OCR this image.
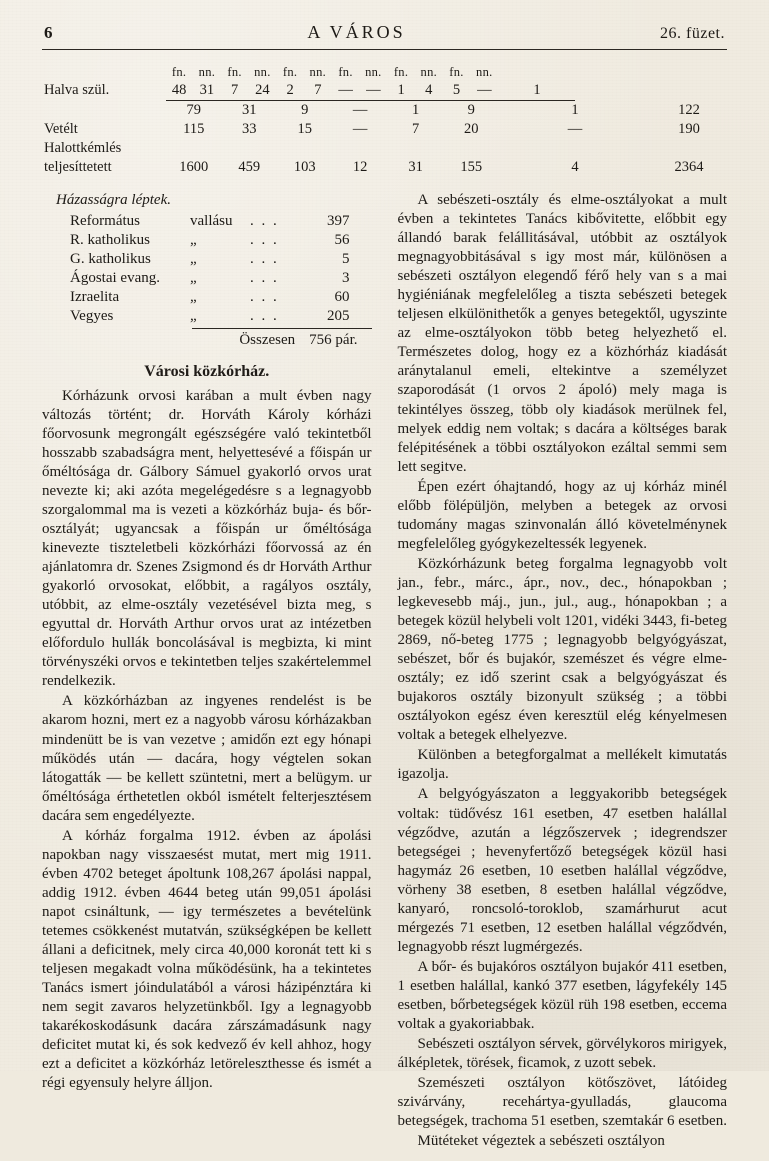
6	A VÁROS	26. füzet.
	fn.	nn.	fn.	nn.	fn.	nn.	fn.	nn.	fn.	nn.	fn.	nn.			
Halva szül.	48	31	7	24	2	7	—	—	1	4	5	—	1		
	79		31		9		—		1		9		1		122
Vetélt	115		33		15		—		7		20		—		190
Halottkémlés															
teljesíttetett	1600		459		103		12		31		155		4		2364
Házasságra léptek.
Református	vallásu	. . .	397
R. katholikus	„	. . .	56
G. katholikus	„	. . .	5
Ágostai evang.	„	. . .	3
Izraelita	„	. . .	60
Vegyes	„	. . .	205
Összesen 756 pár.
Városi közkórház.

Kórházunk orvosi karában a mult évben nagy változás történt; dr. Horváth Károly kórházi főorvosunk megrongált egészségére való tekintetből hosszabb szabadságra ment, helyettesévé a főispán ur őméltósága dr. Gálbory Sámuel gyakorló orvos urat nevezte ki; aki azóta megelégedésre s a legnagyobb szorgalommal ma is vezeti a közkórház buja- és bőr-osztályát; ugyancsak a főispán ur őméltósága kinevezte tiszteletbeli közkórházi főorvossá az én ajánlatomra dr. Szenes Zsigmond és dr Horváth Arthur gyakorló orvosokat, előbbit, a ragályos osztály, utóbbit, az elme-osztály vezetésével bizta meg, s egyuttal dr. Horváth Arthur orvos urat az intézetben előfordulo hullák boncolásával is megbizta, ki mint törvényszéki orvos e tekintetben teljes szakértelemmel rendelkezik.

A közkórházban az ingyenes rendelést is be akarom hozni, mert ez a nagyobb városu kórházakban mindenütt be is van vezetve ; amidőn ezt egy hónapi működés után — dacára, hogy végtelen sokan látogatták — be kellett szüntetni, mert a belügym. ur őméltósága érthetetlen okból ismételt felterjesztésem dacára sem engedélyezte.

A kórház forgalma 1912. évben az ápolási napokban nagy visszaesést mutat, mert mig 1911. évben 4702 beteget ápoltunk 108,267 ápolási nappal, addig 1912. évben 4644 beteg után 99,051 ápolási napot csináltunk, — igy természetes a bevételünk tetemes csökkenést mutatván, szükségképen be kellett állani a deficitnek, mely circa 40,000 koronát tett ki s teljesen megakadt volna működésünk, ha a tekintetes Tanács ismert jóindulatából a városi házipénztára ki nem segit zavaros helyzetünkből. Igy a legnagyobb takarékoskodásunk dacára zárszámadásunk nagy deficitet mutat ki, és sok kedvező év kell ahhoz, hogy ezt a deficitet a közkórház letöreleszthesse és ismét a régi egyensuly helyre álljon.

A sebészeti-osztály és elme-osztályokat a mult évben a tekintetes Tanács kibővitette, előbbit egy állandó barak felállitásával, utóbbit az osztályok megnagyobbitásával s igy most már, különösen a sebészeti osztályon elegendő férő hely van s a mai hygiéniának megfelelőleg a tiszta sebészeti betegek teljesen elkülönithetők a genyes betegektől, ugyszinte az elme-osztályokon több beteg helyezhető el. Természetes dolog, hogy ez a közhórház kiadását aránytalanul emeli, eltekintve a személyzet szaporodását (1 orvos 2 ápoló) mely maga is tekintélyes összeg, több oly kiadások merülnek fel, melyek eddig nem voltak; s dacára a költséges barak felépitésének a többi osztályokon ezáltal semmi sem lett segitve.

Épen ezért óhajtandó, hogy az uj kórház minél előbb fölépüljön, melyben a betegek az orvosi tudomány magas szinvonalán álló követelménynek megfelelőleg gyógykezeltessék legyenek.

Közkórházunk beteg forgalma legnagyobb volt jan., febr., márc., ápr., nov., dec., hónapokban ; legkevesebb máj., jun., jul., aug., hónapokban ; a betegek közül helybeli volt 1201, vidéki 3443, fi-beteg 2869, nő-beteg 1775 ; legnagyobb belgyógyászat, sebészet, bőr és bujakór, szemészet és végre elme-osztály; ez idő szerint csak a belgyógyászat és bujakoros osztály bizonyult szükség ; a többi osztályokon egész éven keresztül elég kényelmesen voltak a betegek elhelyezve.

Különben a betegforgalmat a mellékelt kimutatás igazolja.

A belgyógyászaton a leggyakoribb betegségek voltak: tüdővész 161 esetben, 47 esetben halállal végződve, azután a légzőszervek ; idegrendszer betegségei ; hevenyfertőző betegségek közül hasi hagymáz 26 esetben, 10 esetben halállal végződve, vörheny 38 esetben, 8 esetben halállal végződve, kanyaró, roncsoló-toroklob, szamárhurut acut mérgezés 71 esetben, 12 esetben halállal végződvén, legnagyobb részt lugmérgezés.

A bőr- és bujakóros osztályon bujakór 411 esetben, 1 esetben halállal, kankó 377 esetben, lágyfekély 145 esetben, bőrbetegségek közül rüh 198 esetben, eccema voltak a gyakoriabbak.

Sebészeti osztályon sérvek, görvélykoros mirigyek, álképletek, törések, ficamok, z uzott sebek.

Szemészeti osztályon kötőszövet, látóideg szivárvány, recehártya-gyulladás, glaucoma betegségek, trachoma 51 esetben, szemtakár 6 esetben.

Mütéteket végeztek a sebészeti osztályon
